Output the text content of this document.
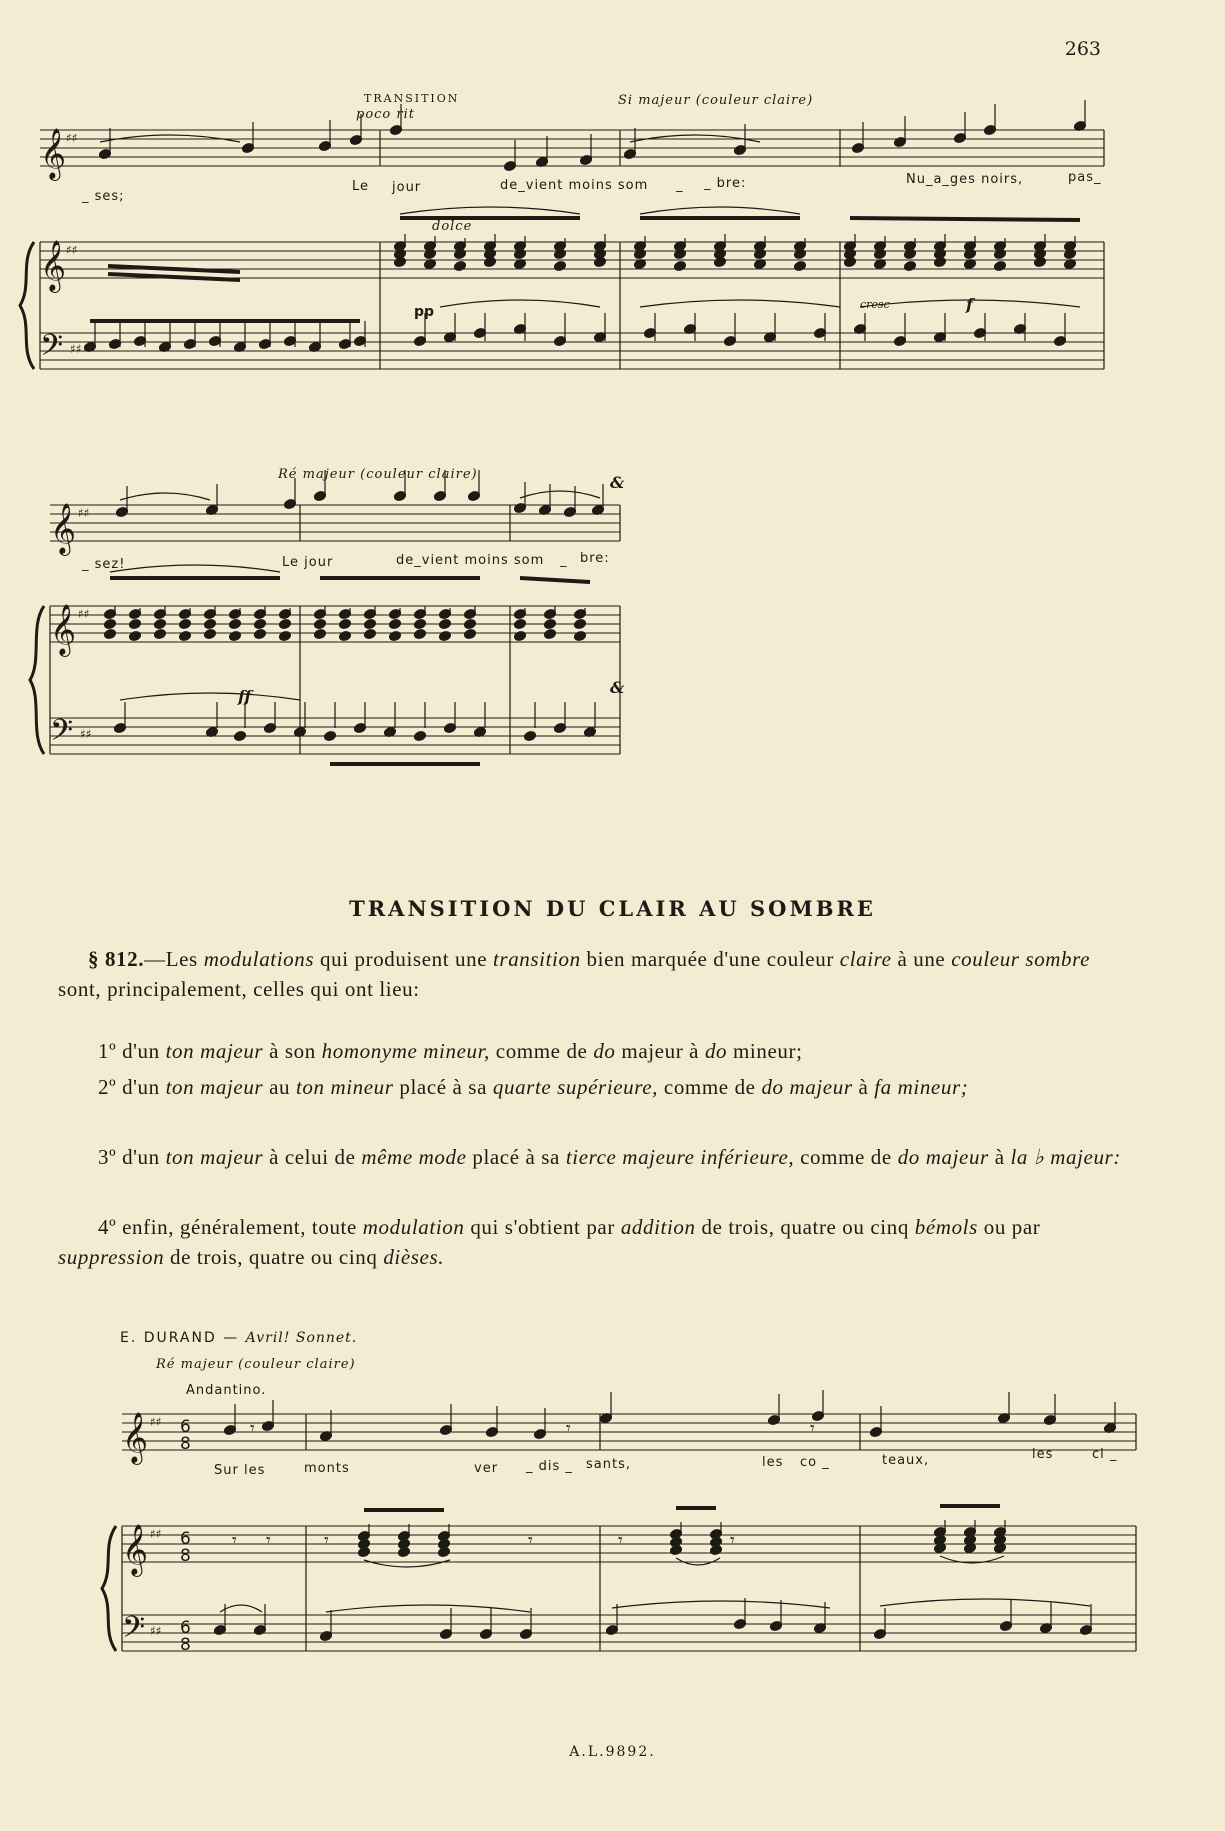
263
𝄞
𝄞
𝄢
♯♯
♯♯
♯♯
𝄞
𝄞
𝄢
♯♯
♯♯
♯♯
𝄞
𝄞
𝄢
♯♯
♯♯
♯♯
6
8
6
8
6
8
𝄾	𝄾	𝄾
𝄾 𝄾	𝄾	𝄾	𝄾	𝄾
TRANSITION
poco rit
Si majeur (couleur claire)
dolce
pp	cresc	f
_ ses;
Le jour	de_vient moins som _ _ bre:	Nu_a_ges noirs,	pas_
Ré majeur (couleur claire)	&
&
ff
_ sez!	Le jour	de_vient moins som _ bre:
Ré majeur (couleur claire)
Andantino.
Sur les	monts	ver _ dis _ sants,	les co _	teaux,	les	ci _
TRANSITION DU CLAIR AU SOMBRE
§ 812.—Les modulations qui produisent une transition bien marquée d'une couleur claire à une couleur sombre sont, principalement, celles qui ont lieu:
1º d'un ton majeur à son homonyme mineur, comme de do majeur à do mineur;
2º d'un ton majeur au ton mineur placé à sa quarte supérieure, comme de do majeur à fa mineur;
3º d'un ton majeur à celui de même mode placé à sa tierce majeure inférieure, comme de do majeur à la ♭ majeur:
4º enfin, généralement, toute modulation qui s'obtient par addition de trois, quatre ou cinq bémols ou par suppression de trois, quatre ou cinq dièses.
E. DURAND — Avril! Sonnet.
A.L.9892.
